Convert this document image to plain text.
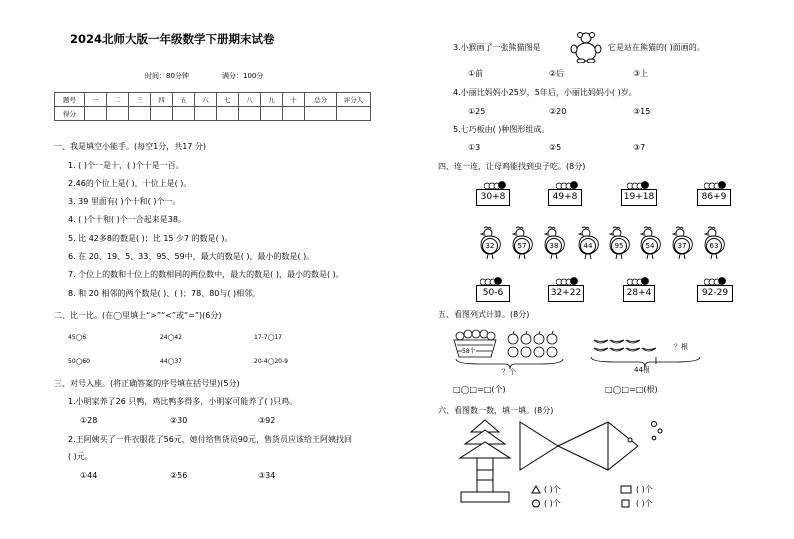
2024北师大版一年级数学下册期末试卷
时间：80分钟	满分：100分
题号	一	二	三	四	五	六	七	八	九	十	总分	评分人
得分												
一、我是填空小能手。(每空1分，共17 分)
1. ( )个一是十，( )个十是一百。
2.46的个位上是( )，十位上是( )。
3. 39 里面有( )个十和( )个一。
4. ( )个十和( )个一合起来是38。
5. 比 42多8的数是( )；比 15 少7 的数是( )。
6. 在 20、19、5、33、95、59中，最大的数是( )，最小的数是( )。
7. 个位上的数和十位上的数相同的两位数中，最大的数是( )，最小的数是( )。
8. 和 20 相邻的两个数是( )、( )；78、80与( )相邻。
二、比一比。(在◯里填上“>”“<”或“=”)(6分)
45◯6	24◯42	17-7◯17
50◯60	44◯37	20-4◯20-9
三、对号入座。(将正确答案的序号填在括号里)(5分)
1.小明家养了26 只鸭，鸡比鸭多得多，小明家可能养了( )只鸡。
①28	②30	③92
2.王阿姨买了一件衣服花了56元，她付给售货员90元，售货员应该给王阿姨找回
( )元。
①44	②56	③34
3.小猴画了一张熊猫图是	它是站在熊猫的( )面画的。
①前	②后	③上
4.小丽比妈妈小25岁，5年后，小丽比妈妈小( )岁。
①25	②20	③15
5.七巧板由( )种图形组成。
①3	②5	③7
四、连一连，让母鸡能找到虫子吃。(8分)
30+8	49+8	19+18	86+9
32	57	38	44	95	54	37	63
50-6	32+22	28+4	92-29
五、看图列式计算。(8分)
58个
？个
□◯□=□(个)
？根
44根
□◯□=□(根)
六、看图数一数，填一填。(8分)
( )个	( )个
( )个	( )个
